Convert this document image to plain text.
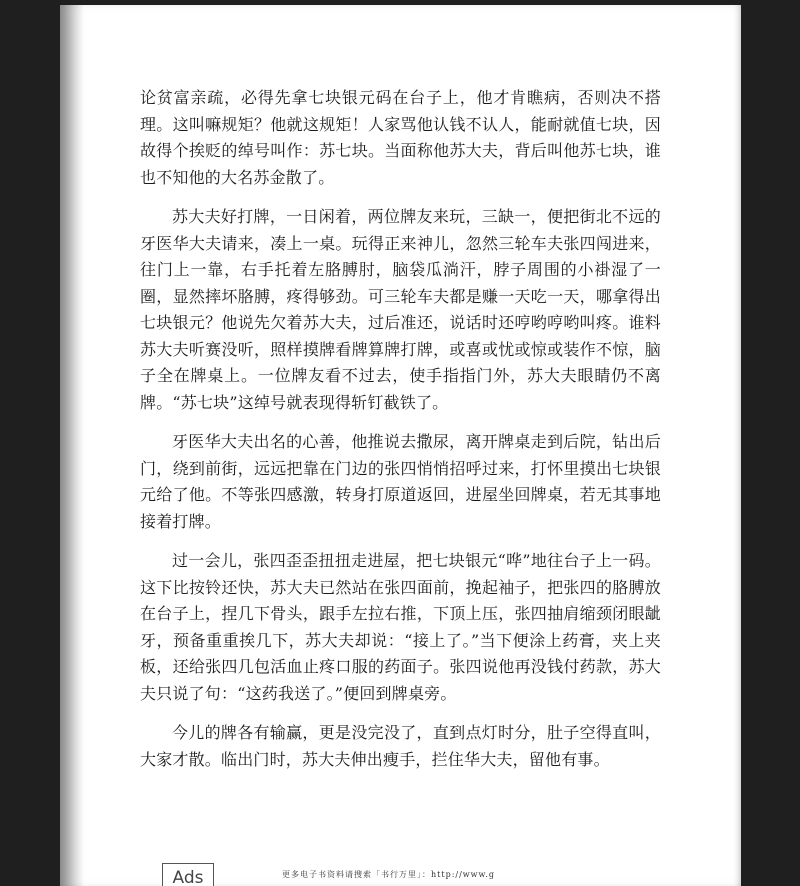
论贫富亲疏，必得先拿七块银元码在台子上，他才肯瞧病，否则决不搭理。这叫嘛规矩？他就这规矩！人家骂他认钱不认人，能耐就值七块，因故得个挨贬的绰号叫作：苏七块。当面称他苏大夫，背后叫他苏七块，谁也不知他的大名苏金散了。

苏大夫好打牌，一日闲着，两位牌友来玩，三缺一，便把街北不远的牙医华大夫请来，凑上一桌。玩得正来神儿，忽然三轮车夫张四闯进来，往门上一靠，右手托着左胳膊肘，脑袋瓜淌汗，脖子周围的小褂湿了一圈，显然摔坏胳膊，疼得够劲。可三轮车夫都是赚一天吃一天，哪拿得出七块银元？他说先欠着苏大夫，过后准还，说话时还哼哟哼哟叫疼。谁料苏大夫听赛没听，照样摸牌看牌算牌打牌，或喜或忧或惊或装作不惊，脑子全在牌桌上。一位牌友看不过去，使手指指门外，苏大夫眼睛仍不离牌。“苏七块”这绰号就表现得斩钉截铁了。

牙医华大夫出名的心善，他推说去撒尿，离开牌桌走到后院，钻出后门，绕到前街，远远把靠在门边的张四悄悄招呼过来，打怀里摸出七块银元给了他。不等张四感激，转身打原道返回，进屋坐回牌桌，若无其事地接着打牌。

过一会儿，张四歪歪扭扭走进屋，把七块银元“哗”地往台子上一码。这下比按铃还快，苏大夫已然站在张四面前，挽起袖子，把张四的胳膊放在台子上，捏几下骨头，跟手左拉右推，下顶上压，张四抽肩缩颈闭眼龇牙，预备重重挨几下，苏大夫却说：“接上了。”当下便涂上药膏，夹上夹板，还给张四几包活血止疼口服的药面子。张四说他再没钱付药款，苏大夫只说了句：“这药我送了。”便回到牌桌旁。

今儿的牌各有输赢，更是没完没了，直到点灯时分，肚子空得直叫，大家才散。临出门时，苏大夫伸出瘦手，拦住华大夫，留他有事。

Ads	更多电子书资料请搜索「书行万里」：http://www.g
